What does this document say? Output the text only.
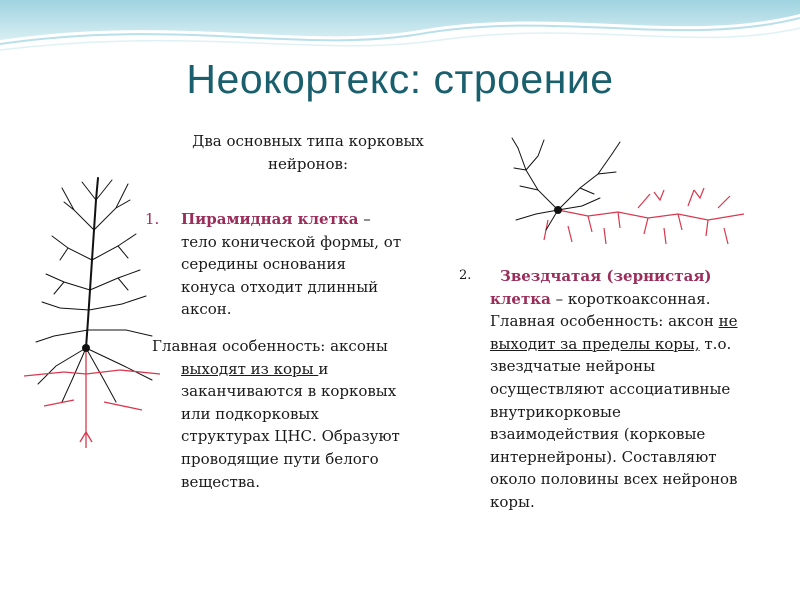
Неокортекс: строение
Два основных типа корковых нейронов:
1. Пирамидная клетка –
тело конической формы, от
середины основания
конуса отходит длинный
аксон.
Главная особенность: аксоны

выходят из коры и
заканчиваются в корковых
или подкорковых
структурах ЦНС. Образуют
проводящие пути белого
вещества.
2. Звездчатая (зернистая)
клетка – короткоаксонная.
Главная особенность: аксон не
выходит за пределы коры, т.о.
звездчатые нейроны
осуществляют ассоциативные
внутрикорковые
взаимодействия (корковые
интернейроны). Составляют
около половины всех нейронов
коры.
